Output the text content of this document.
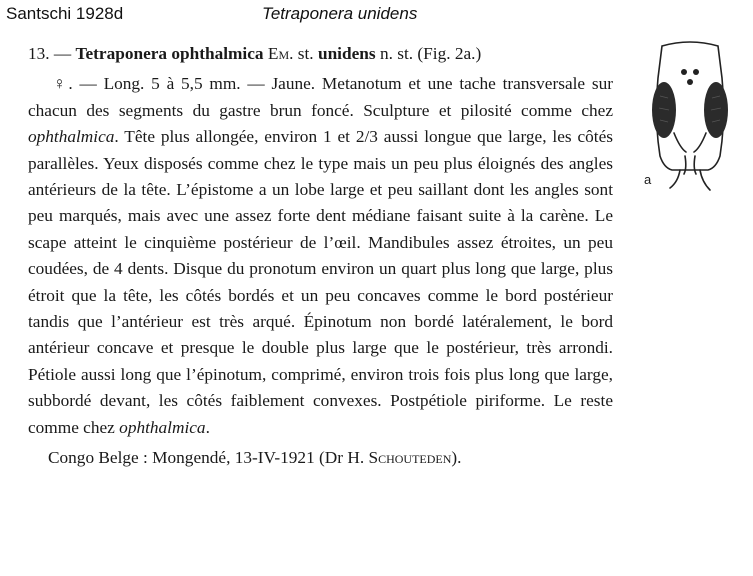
Santschi 1928d	Tetraponera unidens

13. — Tetraponera ophthalmica Em. st. unidens n. st. (Fig. 2a.)

♀. — Long. 5 à 5,5 mm. — Jaune. Metanotum et une tache transversale sur chacun des segments du gastre brun foncé. Sculpture et pilosité comme chez ophthalmica. Tête plus allongée, environ 1 et 2/3 aussi longue que large, les côtés parallèles. Yeux disposés comme chez le type mais un peu plus éloignés des angles antérieurs de la tête. L’épistome a un lobe large et peu saillant dont les angles sont peu marqués, mais avec une assez forte dent médiane faisant suite à la carène. Le scape atteint le cinquième postérieur de l’œil. Mandibules assez étroites, un peu coudées, de 4 dents. Disque du pronotum environ un quart plus long que large, plus étroit que la tête, les côtés bordés et un peu concaves comme le bord postérieur tandis que l’antérieur est très arqué. Épinotum non bordé latéralement, le bord antérieur concave et presque le double plus large que le postérieur, très arrondi. Pétiole aussi long que l’épinotum, comprimé, environ trois fois plus long que large, subbordé devant, les côtés faiblement convexes. Postpétiole piriforme. Le reste comme chez ophthalmica.

Congo Belge : Mongendé, 13-IV-1921 (Dr H. Schouteden).

a
